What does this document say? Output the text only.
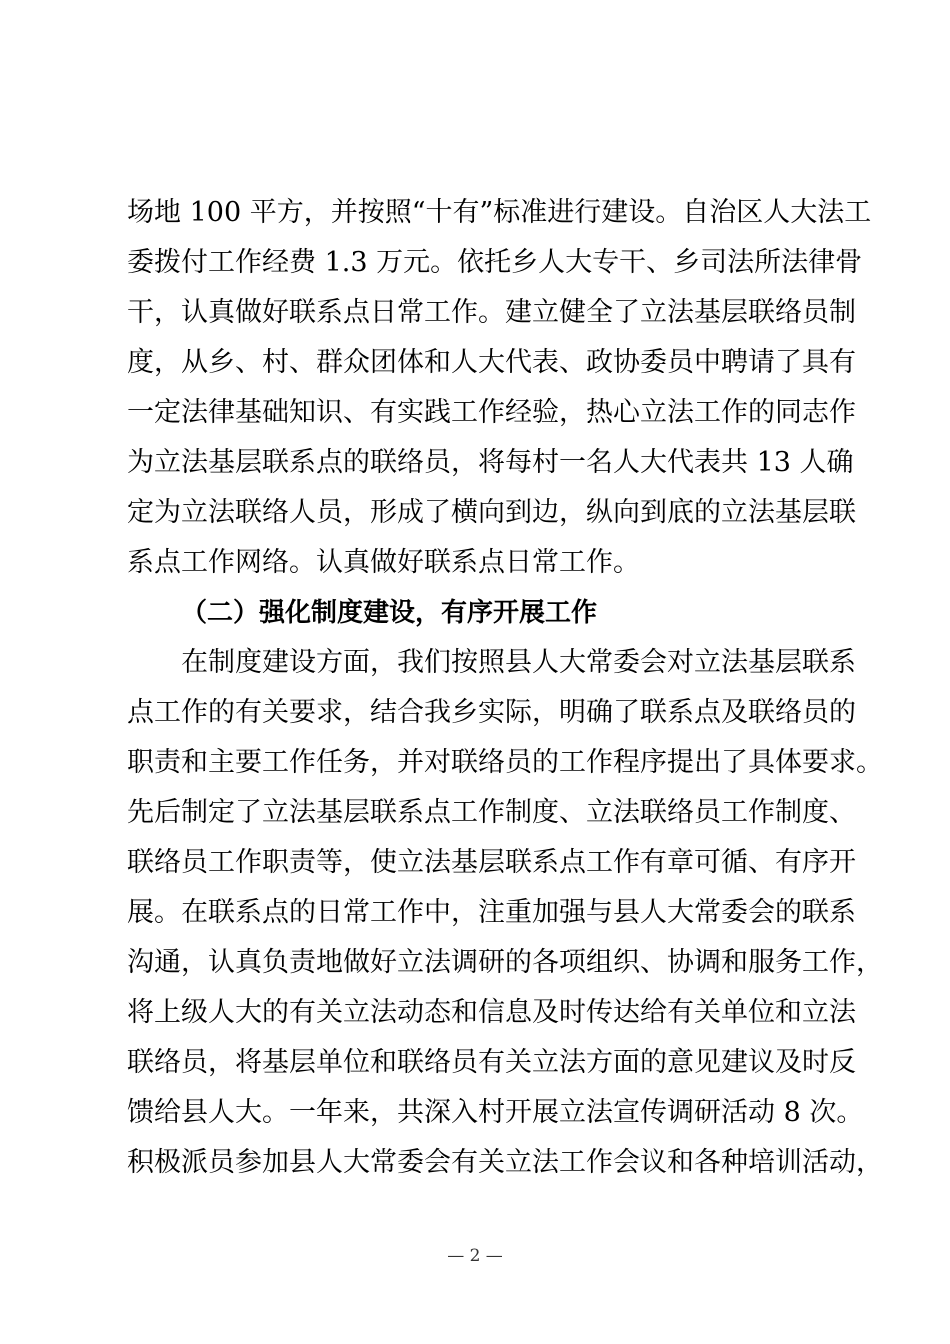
场地 100 平方，并按照“十有”标准进行建设。自治区人大法工
委拨付工作经费 1.3 万元。依托乡人大专干、乡司法所法律骨
干，认真做好联系点日常工作。建立健全了立法基层联络员制
度，从乡、村、群众团体和人大代表、政协委员中聘请了具有
一定法律基础知识、有实践工作经验，热心立法工作的同志作
为立法基层联系点的联络员，将每村一名人大代表共 13 人确
定为立法联络人员，形成了横向到边，纵向到底的立法基层联
系点工作网络。认真做好联系点日常工作。
（二）强化制度建设，有序开展工作
在制度建设方面，我们按照县人大常委会对立法基层联系
点工作的有关要求，结合我乡实际，明确了联系点及联络员的
职责和主要工作任务，并对联络员的工作程序提出了具体要求。
先后制定了立法基层联系点工作制度、立法联络员工作制度、
联络员工作职责等，使立法基层联系点工作有章可循、有序开
展。在联系点的日常工作中，注重加强与县人大常委会的联系
沟通，认真负责地做好立法调研的各项组织、协调和服务工作，
将上级人大的有关立法动态和信息及时传达给有关单位和立法
联络员，将基层单位和联络员有关立法方面的意见建议及时反
馈给县人大。一年来，共深入村开展立法宣传调研活动 8 次。
积极派员参加县人大常委会有关立法工作会议和各种培训活动，
— 2 —
